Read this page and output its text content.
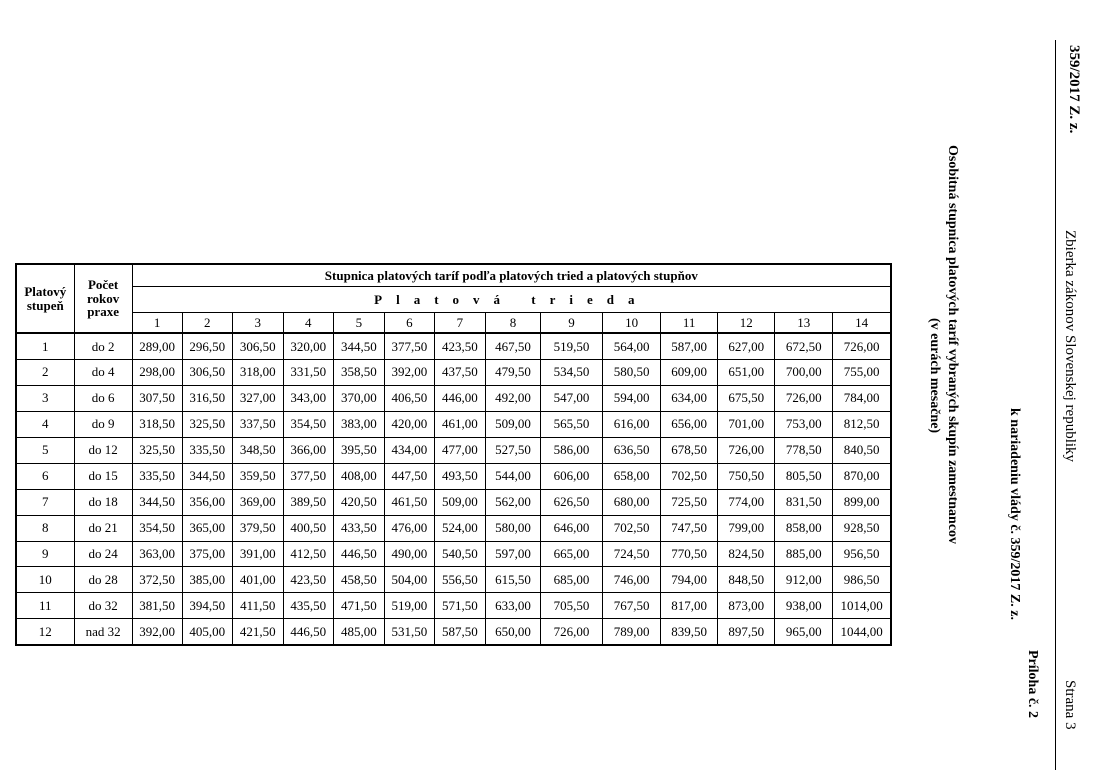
359/2017 Z. z.
Zbierka zákonov Slovenskej republiky
Strana 3
Príloha č. 2
k nariadeniu vlády č. 359/2017 Z. z.
Osobitná stupnica platových taríf vybraných skupín zamestnancov
(v eurách mesačne)
Platový stupeň	Počet rokov praxe	Stupnica platových taríf podľa platových tried a platových stupňov													
		Platová trieda													
		1	2	3	4	5	6	7	8	9	10	11	12	13	14
1	do 2	289,00	296,50	306,50	320,00	344,50	377,50	423,50	467,50	519,50	564,00	587,00	627,00	672,50	726,00
2	do 4	298,00	306,50	318,00	331,50	358,50	392,00	437,50	479,50	534,50	580,50	609,00	651,00	700,00	755,00
3	do 6	307,50	316,50	327,00	343,00	370,00	406,50	446,00	492,00	547,00	594,00	634,00	675,50	726,00	784,00
4	do 9	318,50	325,50	337,50	354,50	383,00	420,00	461,00	509,00	565,50	616,00	656,00	701,00	753,00	812,50
5	do 12	325,50	335,50	348,50	366,00	395,50	434,00	477,00	527,50	586,00	636,50	678,50	726,00	778,50	840,50
6	do 15	335,50	344,50	359,50	377,50	408,00	447,50	493,50	544,00	606,00	658,00	702,50	750,50	805,50	870,00
7	do 18	344,50	356,00	369,00	389,50	420,50	461,50	509,00	562,00	626,50	680,00	725,50	774,00	831,50	899,00
8	do 21	354,50	365,00	379,50	400,50	433,50	476,00	524,00	580,00	646,00	702,50	747,50	799,00	858,00	928,50
9	do 24	363,00	375,00	391,00	412,50	446,50	490,00	540,50	597,00	665,00	724,50	770,50	824,50	885,00	956,50
10	do 28	372,50	385,00	401,00	423,50	458,50	504,00	556,50	615,50	685,00	746,00	794,00	848,50	912,00	986,50
11	do 32	381,50	394,50	411,50	435,50	471,50	519,00	571,50	633,00	705,50	767,50	817,00	873,00	938,00	1014,00
12	nad 32	392,00	405,00	421,50	446,50	485,00	531,50	587,50	650,00	726,00	789,00	839,50	897,50	965,00	1044,00
